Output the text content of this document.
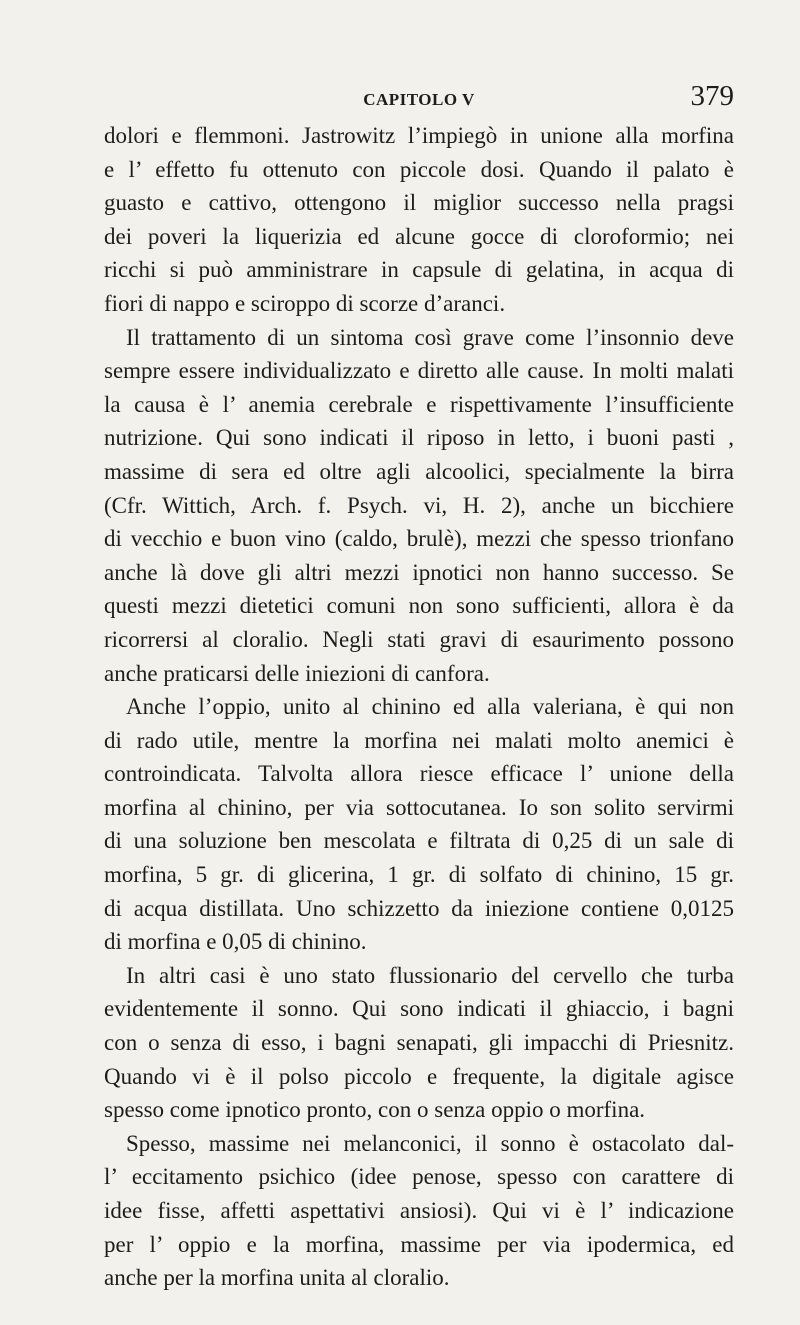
CAPITOLO V	379
dolori e flemmoni. Jastrowitz l’impiegò in unione alla morfina
e l’ effetto fu ottenuto con piccole dosi. Quando il palato è
guasto e cattivo, ottengono il miglior successo nella pragsi
dei poveri la liquerizia ed alcune gocce di cloroformio; nei
ricchi si può amministrare in capsule di gelatina, in acqua di
fiori di nappo e sciroppo di scorze d’aranci.
Il trattamento di un sintoma così grave come l’insonnio deve
sempre essere individualizzato e diretto alle cause. In molti malati
la causa è l’ anemia cerebrale e rispettivamente l’insufficiente
nutrizione. Qui sono indicati il riposo in letto, i buoni pasti ,
massime di sera ed oltre agli alcoolici, specialmente la birra
(Cfr. Wittich, Arch. f. Psych. vi, H. 2), anche un bicchiere
di vecchio e buon vino (caldo, brulè), mezzi che spesso trionfano
anche là dove gli altri mezzi ipnotici non hanno successo. Se
questi mezzi dietetici comuni non sono sufficienti, allora è da
ricorrersi al cloralio. Negli stati gravi di esaurimento possono
anche praticarsi delle iniezioni di canfora.
Anche l’oppio, unito al chinino ed alla valeriana, è qui non
di rado utile, mentre la morfina nei malati molto anemici è
controindicata. Talvolta allora riesce efficace l’ unione della
morfina al chinino, per via sottocutanea. Io son solito servirmi
di una soluzione ben mescolata e filtrata di 0,25 di un sale di
morfina, 5 gr. di glicerina, 1 gr. di solfato di chinino, 15 gr.
di acqua distillata. Uno schizzetto da iniezione contiene 0,0125
di morfina e 0,05 di chinino.
In altri casi è uno stato flussionario del cervello che turba
evidentemente il sonno. Qui sono indicati il ghiaccio, i bagni
con o senza di esso, i bagni senapati, gli impacchi di Priesnitz.
Quando vi è il polso piccolo e frequente, la digitale agisce
spesso come ipnotico pronto, con o senza oppio o morfina.
Spesso, massime nei melanconici, il sonno è ostacolato dal-
l’ eccitamento psichico (idee penose, spesso con carattere di
idee fisse, affetti aspettativi ansiosi). Qui vi è l’ indicazione
per l’ oppio e la morfina, massime per via ipodermica, ed
anche per la morfina unita al cloralio.
